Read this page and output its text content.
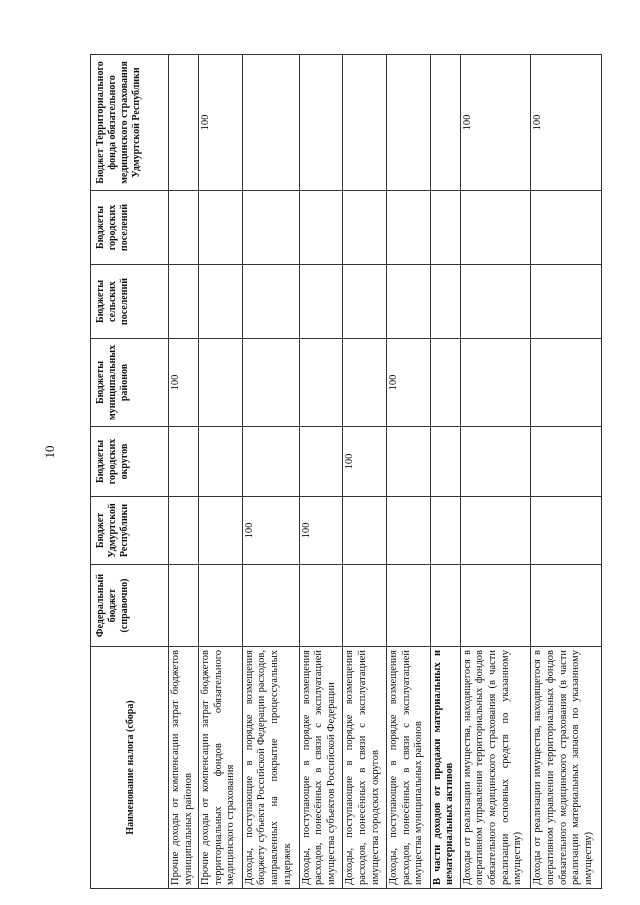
10
Наименование налога (сбора)	Федеральный бюджет (справочно)	Бюджет Удмуртской Республики	Бюджеты городских округов	Бюджеты муниципальных районов	Бюджеты сельских поселений	Бюджеты городских поселений	Бюджет Территориального фонда обязательного медицинского страхования Удмуртской Республики
Прочие доходы от компенсации затрат бюджетов муниципальных районов				100			
Прочие доходы от компенсации затрат бюджетов территориальных фондов обязательного медицинского страхования							100
Доходы, поступающие в порядке возмещения бюджету субъекта Российской Федерации расходов, направленных на покрытие процессуальных издержек		100					
Доходы, поступающие в порядке возмещения расходов, понесённых в связи с эксплуатацией имущества субъектов Российской Федерации		100					
Доходы, поступающие в порядке возмещения расходов, понесённых в связи с эксплуатацией имущества городских округов			100				
Доходы, поступающие в порядке возмещения расходов, понесённых в связи с эксплуатацией имущества муниципальных районов				100			
В части доходов от продажи материальных и нематериальных активов							
Доходы от реализации имущества, находящегося в оперативном управлении территориальных фондов обязательного медицинского страхования (в части реализации основных средств по указанному имуществу)							100
Доходы от реализации имущества, находящегося в оперативном управлении территориальных фондов обязательного медицинского страхования (в части реализации материальных запасов по указанному имуществу)							100
